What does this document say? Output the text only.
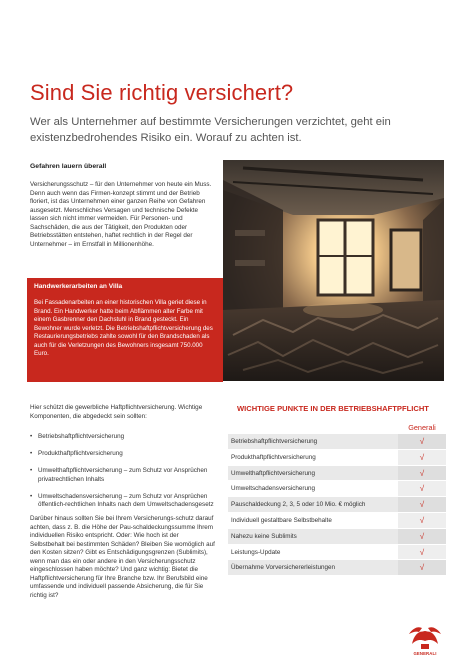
Sind Sie richtig versichert?

Wer als Unternehmer auf bestimmte Versicherungen verzichtet, geht ein existenzbedrohendes Risiko ein. Worauf zu achten ist.

Gefahren lauern überall
Versicherungsschutz – für den Unternehmer von heute ein Muss. Denn auch wenn das Firmen-konzept stimmt und der Betrieb floriert, ist das Unternehmen einer ganzen Reihe von Gefahren ausgesetzt. Menschliches Versagen und technische Defekte lassen sich nicht immer vermeiden. Für Personen- und Sachschäden, die aus der Tätigkeit, den Produkten oder Betriebsstätten entstehen, haftet rechtlich in der Regel der Unternehmer – im Ernstfall in Millionenhöhe.
Handwerkerarbeiten an Villa
Bei Fassadenarbeiten an einer historischen Villa geriet diese in Brand. Ein Handwerker hatte beim Abflämmen alter Farbe mit einem Gasbrenner den Dachstuhl in Brand gesteckt. Ein Bewohner wurde verletzt. Die Betriebshaftpflichtversicherung des Restaurierungsbetriebs zahlte sowohl für den Brandschaden als auch für die Verletzungen des Bewohners insgesamt 750.000 Euro.
Hier schützt die gewerbliche Haftpflichtversicherung. Wichtige Komponenten, die abgedeckt sein sollten:
• Betriebshaftpflichtversicherung
• Produkthaftpflichtversicherung
• Umwelthaftpflichtversicherung – zum Schutz vor Ansprüchen privatrechtlichen Inhalts
• Umweltschadensversicherung – zum Schutz vor Ansprüchen öffentlich-rechtlichen Inhalts nach dem Umweltschadensgesetz
Darüber hinaus sollten Sie bei Ihrem Versicherungs-schutz darauf achten, dass z. B. die Höhe der Pau-schaldeckungssumme Ihrem individuellen Risiko entspricht. Oder: Wie hoch ist der Selbstbehalt bei bestimmten Schäden? Bleiben Sie womöglich auf den Kosten sitzen? Gibt es Entschädigungsgrenzen (Sublimits), wenn man das ein oder andere in den Versicherungsschutz eingeschlossen haben möchte? Und ganz wichtig: Bietet die Haftpflichtversicherung für Ihre Branche bzw. Ihr Berufsbild eine umfassende und individuell passende Absicherung, die für Sie richtig ist?
WICHTIGE PUNKTE IN DER BETRIEBSHAFTPFLICHT
Generali
Betriebshaftpflichtversicherung	√
Produkthaftpflichtversicherung	√
Umwelthaftpflichtversicherung	√
Umweltschadensversicherung	√
Pauschaldeckung 2, 3, 5 oder 10 Mio. € möglich	√
Individuell gestaltbare Selbstbehalte	√
Nahezu keine Sublimits	√
Leistungs-Update	√
Übernahme Vorversichererleistungen	√
GENERALI
